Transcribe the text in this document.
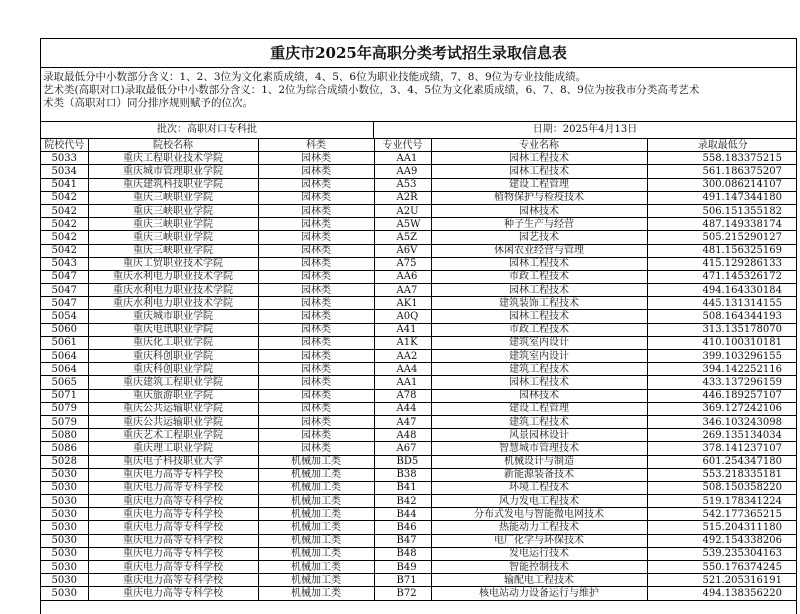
重庆市2025年高职分类考试招生录取信息表
录取最低分中小数部分含义：1、2、3位为文化素质成绩，4、5、6位为职业技能成绩，7、8、9位为专业技能成绩。
艺术类(高职对口)录取最低分中小数部分含义：1、2位为综合成绩小数位，3、4、5位为文化素质成绩，6、7、8、9位为按我市分类高考艺术
术类（高职对口）同分排序规则赋予的位次。
批次：高职对口专科批	日期：2025年4月13日
院校代号	院校名称	科类	专业代号	专业名称	录取最低分
5033	重庆工程职业技术学院	园林类	AA1	园林工程技术	558.183375215
5034	重庆城市管理职业学院	园林类	AA9	园林工程技术	561.186375207
5041	重庆建筑科技职业学院	园林类	A53	建设工程管理	300.086214107
5042	重庆三峡职业学院	园林类	A2R	植物保护与检疫技术	491.147344180
5042	重庆三峡职业学院	园林类	A2U	园林技术	506.151355182
5042	重庆三峡职业学院	园林类	A5W	种子生产与经营	487.149338174
5042	重庆三峡职业学院	园林类	A5Z	园艺技术	505.215290127
5042	重庆三峡职业学院	园林类	A6V	休闲农业经营与管理	481.156325169
5043	重庆工贸职业技术学院	园林类	A75	园林工程技术	415.129286133
5047	重庆水利电力职业技术学院	园林类	AA6	市政工程技术	471.145326172
5047	重庆水利电力职业技术学院	园林类	AA7	园林工程技术	494.164330184
5047	重庆水利电力职业技术学院	园林类	AK1	建筑装饰工程技术	445.131314155
5054	重庆城市职业学院	园林类	A0Q	园林工程技术	508.164344193
5060	重庆电讯职业学院	园林类	A41	市政工程技术	313.135178070
5061	重庆化工职业学院	园林类	A1K	建筑室内设计	410.100310181
5064	重庆科创职业学院	园林类	AA2	建筑室内设计	399.103296155
5064	重庆科创职业学院	园林类	AA4	建筑工程技术	394.142252116
5065	重庆建筑工程职业学院	园林类	AA1	园林工程技术	433.137296159
5071	重庆旅游职业学院	园林类	A78	园林技术	446.189257107
5079	重庆公共运输职业学院	园林类	A44	建设工程管理	369.127242106
5079	重庆公共运输职业学院	园林类	A47	建筑工程技术	346.103243098
5080	重庆艺术工程职业学院	园林类	A48	风景园林设计	269.135134034
5086	重庆理工职业学院	园林类	A67	智慧城市管理技术	378.141237107
5028	重庆电子科技职业大学	机械加工类	BD5	机械设计与制造	601.254347180
5030	重庆电力高等专科学校	机械加工类	B38	新能源装备技术	553.218335181
5030	重庆电力高等专科学校	机械加工类	B41	环境工程技术	508.150358220
5030	重庆电力高等专科学校	机械加工类	B42	风力发电工程技术	519.178341224
5030	重庆电力高等专科学校	机械加工类	B44	分布式发电与智能微电网技术	542.177365215
5030	重庆电力高等专科学校	机械加工类	B46	热能动力工程技术	515.204311180
5030	重庆电力高等专科学校	机械加工类	B47	电厂化学与环保技术	492.154338206
5030	重庆电力高等专科学校	机械加工类	B48	发电运行技术	539.235304163
5030	重庆电力高等专科学校	机械加工类	B49	智能控制技术	550.176374245
5030	重庆电力高等专科学校	机械加工类	B71	输配电工程技术	521.205316191
5030	重庆电力高等专科学校	机械加工类	B72	核电站动力设备运行与维护	494.138356220
